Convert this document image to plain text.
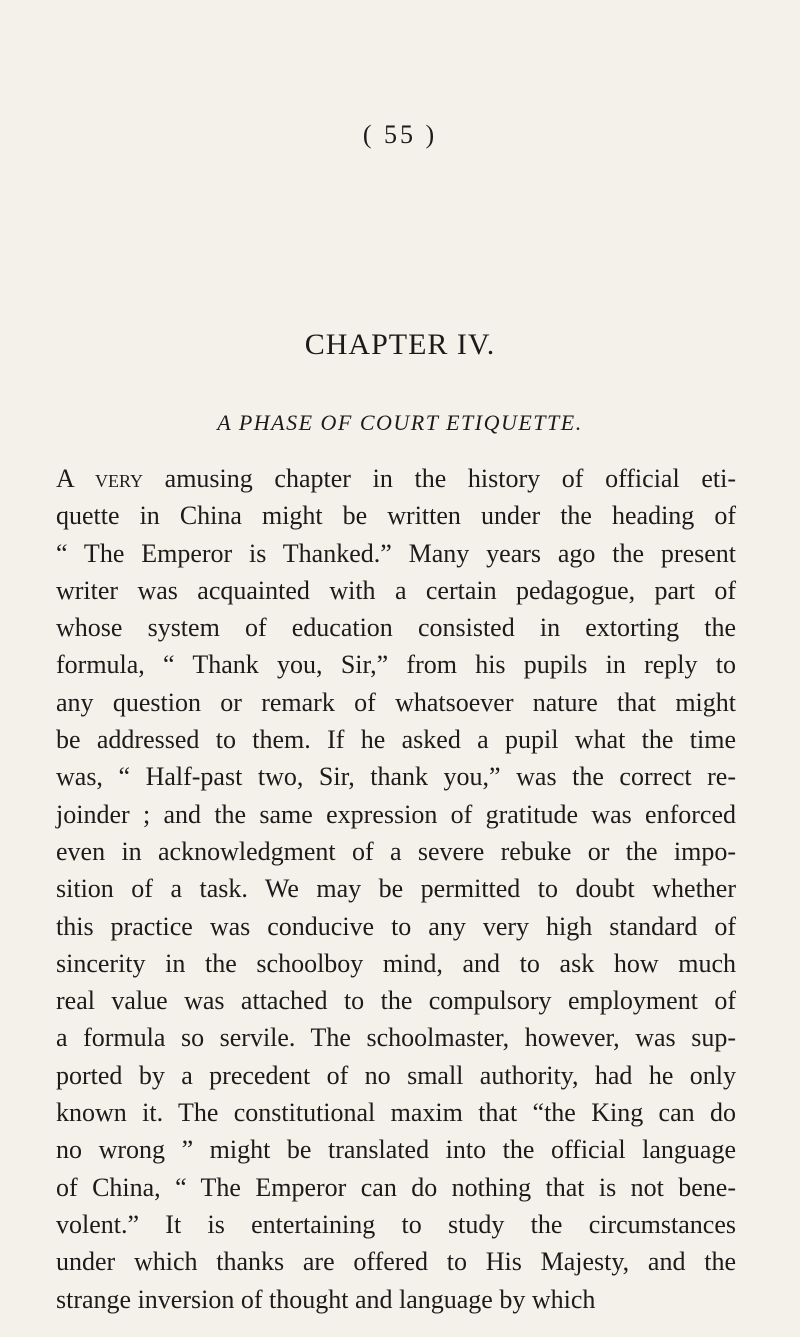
( 55 )
CHAPTER IV.
A PHASE OF COURT ETIQUETTE.
A very amusing chapter in the history of official eti-
quette in China might be written under the heading of
“ The Emperor is Thanked.” Many years ago the present
writer was acquainted with a certain pedagogue, part of
whose system of education consisted in extorting the
formula, “ Thank you, Sir,” from his pupils in reply to
any question or remark of whatsoever nature that might
be addressed to them. If he asked a pupil what the time
was, “ Half-past two, Sir, thank you,” was the correct re-
joinder ; and the same expression of gratitude was enforced
even in acknowledgment of a severe rebuke or the impo-
sition of a task. We may be permitted to doubt whether
this practice was conducive to any very high standard of
sincerity in the schoolboy mind, and to ask how much
real value was attached to the compulsory employment of
a formula so servile. The schoolmaster, however, was sup-
ported by a precedent of no small authority, had he only
known it. The constitutional maxim that “the King can do
no wrong ” might be translated into the official language
of China, “ The Emperor can do nothing that is not bene-
volent.” It is entertaining to study the circumstances
under which thanks are offered to His Majesty, and the
strange inversion of thought and language by which
